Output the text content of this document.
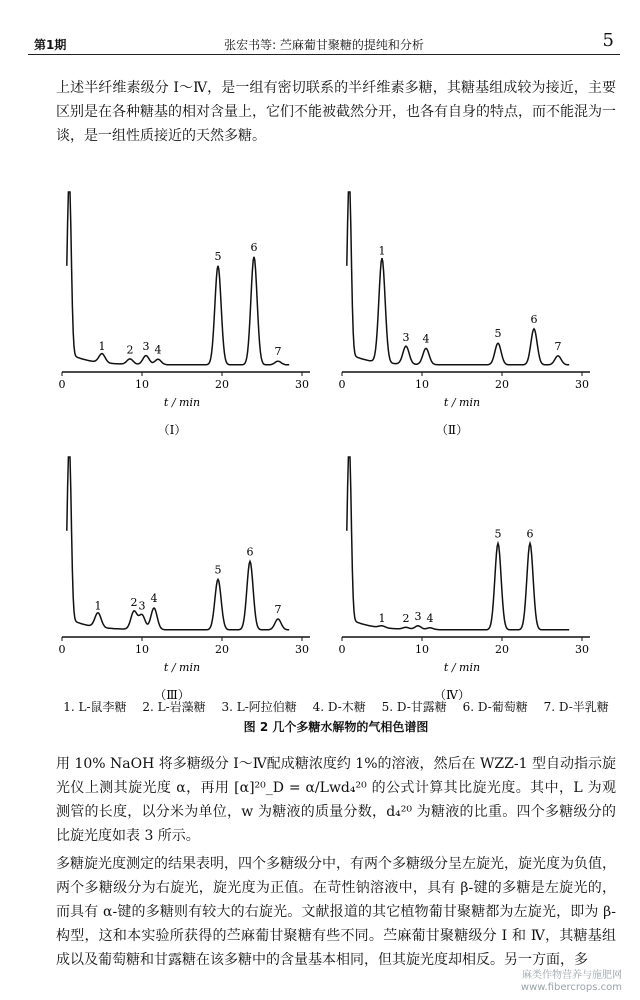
第1期	张宏书等: 苎麻葡甘聚糖的提纯和分析	5

上述半纤维素级分 Ⅰ～Ⅳ，是一组有密切联系的半纤维素多糖，其糖基组成较为接近，主要区别是在各种糖基的相对含量上，它们不能被截然分开，也各有自身的特点，而不能混为一谈，是一组性质接近的天然多糖。

0	10	20	30
t / min
（Ⅰ）
1 2 3 4
5
6
7
0	10	20	30
t / min
（Ⅱ）
1
3 4	5
6
7
0	10	20	30
t / min
（Ⅲ）
1	2 3
4
5
6
7
0	10	20	30
t / min
（Ⅳ）
1 2 3 4
5 6
1. L-鼠李糖 2. L-岩藻糖 3. L-阿拉伯糖 4. D-木糖 5. D-甘露糖 6. D-葡萄糖 7. D-半乳糖
图 2 几个多糖水解物的气相色谱图

用 10% NaOH 将多糖级分 Ⅰ～Ⅳ配成糖浓度约 1%的溶液，然后在 WZZ-1 型自动指示旋光仪上测其旋光度 α，再用 [α]²⁰_D = α/Lwd₄²⁰ 的公式计算其比旋光度。其中，L 为观测管的长度，以分米为单位，w 为糖液的质量分数，d₄²⁰ 为糖液的比重。四个多糖级分的比旋光度如表 3 所示。

多糖旋光度测定的结果表明，四个多糖级分中，有两个多糖级分呈左旋光，旋光度为负值，两个多糖级分为右旋光，旋光度为正值。在苛性钠溶液中，具有 β-键的多糖是左旋光的，而具有 α-键的多糖则有较大的右旋光。文献报道的其它植物葡甘聚糖都为左旋光，即为 β-构型，这和本实验所获得的苎麻葡甘聚糖有些不同。苎麻葡甘聚糖级分 Ⅰ 和 Ⅳ，其糖基组成以及葡萄糖和甘露糖在该多糖中的含量基本相同，但其旋光度却相反。另一方面，多

麻类作物营养与施肥网
www.fibercrops.com
